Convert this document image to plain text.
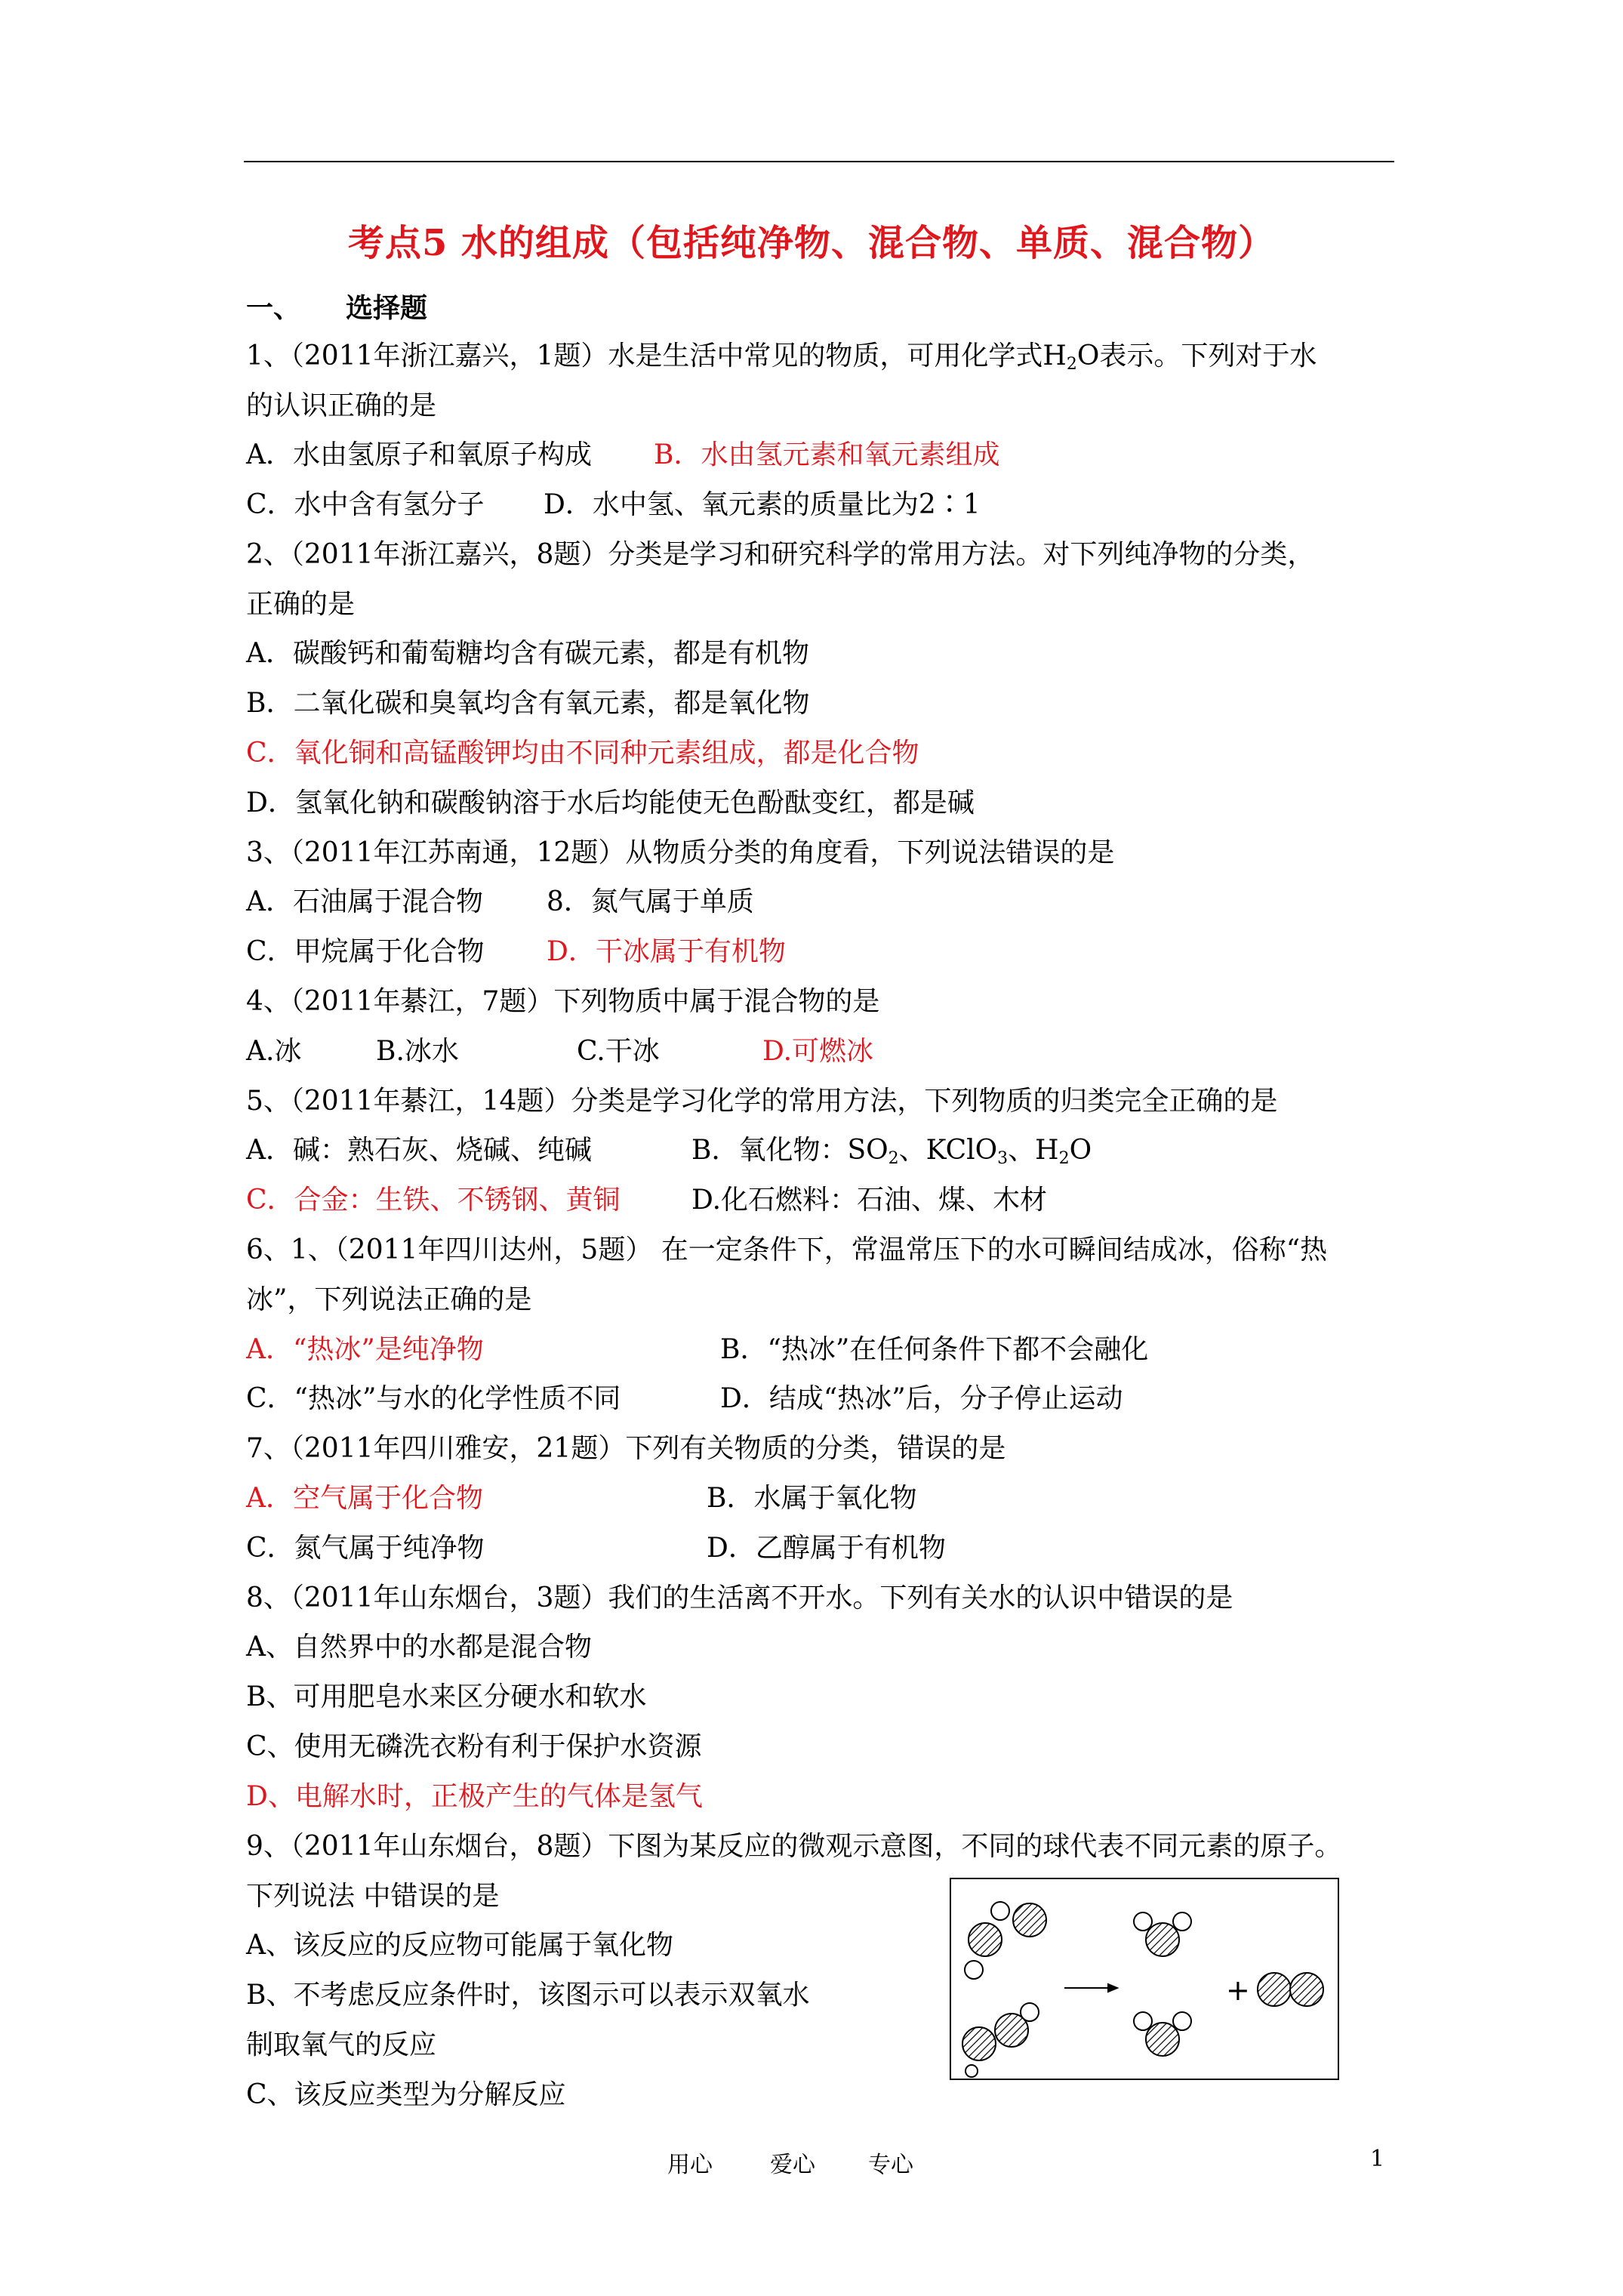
考点5 水的组成（包括纯净物、混合物、单质、混合物）
一、 选择题
1、（2011年浙江嘉兴，1题）水是生活中常见的物质，可用化学式$H_2O$表示。下列对于水
的认识正确的是
A．水由氢原子和氧原子构成 B．水由氢元素和氧元素组成
C．水中含有氢分子 D．水中氢、氧元素的质量比为2∶1
2、（2011年浙江嘉兴，8题）分类是学习和研究科学的常用方法。对下列纯净物的分类，
正确的是
A．碳酸钙和葡萄糖均含有碳元素，都是有机物
B．二氧化碳和臭氧均含有氧元素，都是氧化物
C．氧化铜和高锰酸钾均由不同种元素组成，都是化合物
D．氢氧化钠和碳酸钠溶于水后均能使无色酚酞变红，都是碱
3、（2011年江苏南通，12题）从物质分类的角度看，下列说法错误的是
A．石油属于混合物 8．氮气属于单质
C．甲烷属于化合物 D．干冰属于有机物
4、（2011年綦江，7题）下列物质中属于混合物的是
A.冰	B.冰水	C.干冰	D.可燃冰
5、（2011年綦江，14题）分类是学习化学的常用方法，下列物质的归类完全正确的是
A．碱：熟石灰、烧碱、纯碱	B．氧化物：$SO_2$、KClO$_3$、$H_2O$
C．合金：生铁、不锈钢、黄铜	D.化石燃料：石油、煤、木材
6、1、（2011年四川达州，5题） 在一定条件下，常温常压下的水可瞬间结成冰，俗称“热
冰”，下列说法正确的是
A．“热冰”是纯净物	B．“热冰”在任何条件下都不会融化
C．“热冰”与水的化学性质不同	D．结成“热冰”后，分子停止运动
7、（2011年四川雅安，21题）下列有关物质的分类，错误的是
A．空气属于化合物	B．水属于氧化物
C．氮气属于纯净物	D．乙醇属于有机物
8、（2011年山东烟台，3题）我们的生活离不开水。下列有关水的认识中错误的是
A、自然界中的水都是混合物
B、可用肥皂水来区分硬水和软水
C、使用无磷洗衣粉有利于保护水资源
D、电解水时，正极产生的气体是氢气
9、（2011年山东烟台，8题）下图为某反应的微观示意图，不同的球代表不同元素的原子。
下列说法 中错误的是
A、该反应的反应物可能属于氧化物
B、不考虑反应条件时，该图示可以表示双氧水
制取氧气的反应
C、该反应类型为分解反应
+
用心	爱心 专心	1
